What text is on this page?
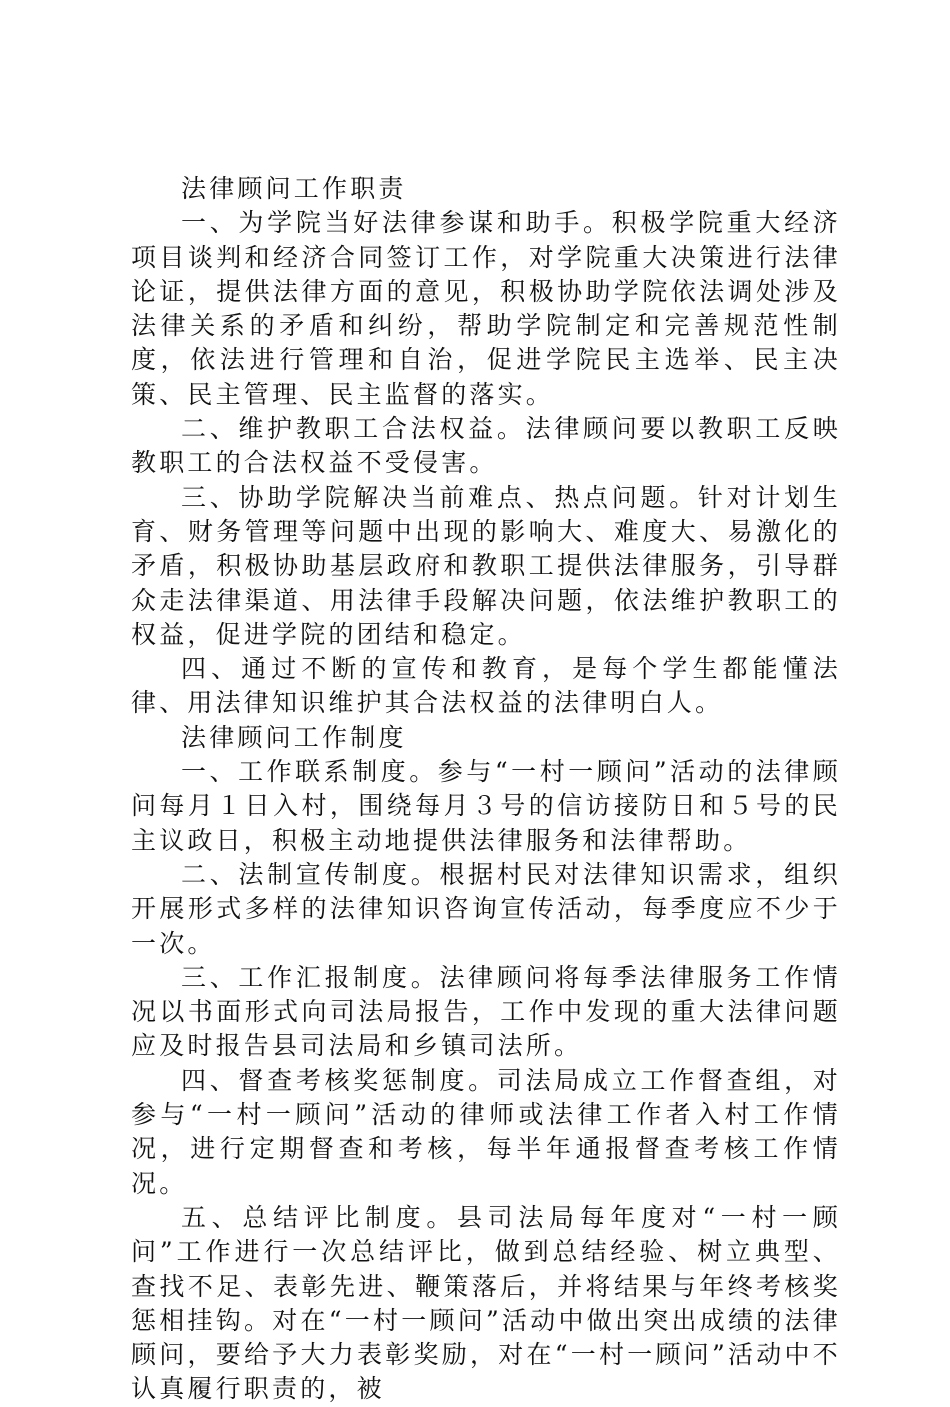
法律顾问工作职责

一、为学院当好法律参谋和助手。积极学院重大经济项目谈判和经济合同签订工作，对学院重大决策进行法律论证，提供法律方面的意见，积极协助学院依法调处涉及法律关系的矛盾和纠纷，帮助学院制定和完善规范性制度，依法进行管理和自治，促进学院民主选举、民主决策、民主管理、民主监督的落实。

二、维护教职工合法权益。法律顾问要以教职工反映教职工的合法权益不受侵害。

三、协助学院解决当前难点、热点问题。针对计划生育、财务管理等问题中出现的影响大、难度大、易激化的矛盾，积极协助基层政府和教职工提供法律服务，引导群众走法律渠道、用法律手段解决问题，依法维护教职工的权益，促进学院的团结和稳定。

四、通过不断的宣传和教育，是每个学生都能懂法律、用法律知识维护其合法权益的法律明白人。

法律顾问工作制度

一、工作联系制度。参与“一村一顾问”活动的法律顾问每月１日入村，围绕每月３号的信访接防日和５号的民主议政日，积极主动地提供法律服务和法律帮助。

二、法制宣传制度。根据村民对法律知识需求，组织开展形式多样的法律知识咨询宣传活动，每季度应不少于一次。

三、工作汇报制度。法律顾问将每季法律服务工作情况以书面形式向司法局报告，工作中发现的重大法律问题应及时报告县司法局和乡镇司法所。

四、督查考核奖惩制度。司法局成立工作督查组，对参与“一村一顾问”活动的律师或法律工作者入村工作情况，进行定期督查和考核，每半年通报督查考核工作情况。

五、总结评比制度。县司法局每年度对“一村一顾问”工作进行一次总结评比，做到总结经验、树立典型、查找不足、表彰先进、鞭策落后，并将结果与年终考核奖惩相挂钩。对在“一村一顾问”活动中做出突出成绩的法律顾问，要给予大力表彰奖励，对在“一村一顾问”活动中不认真履行职责的，被
